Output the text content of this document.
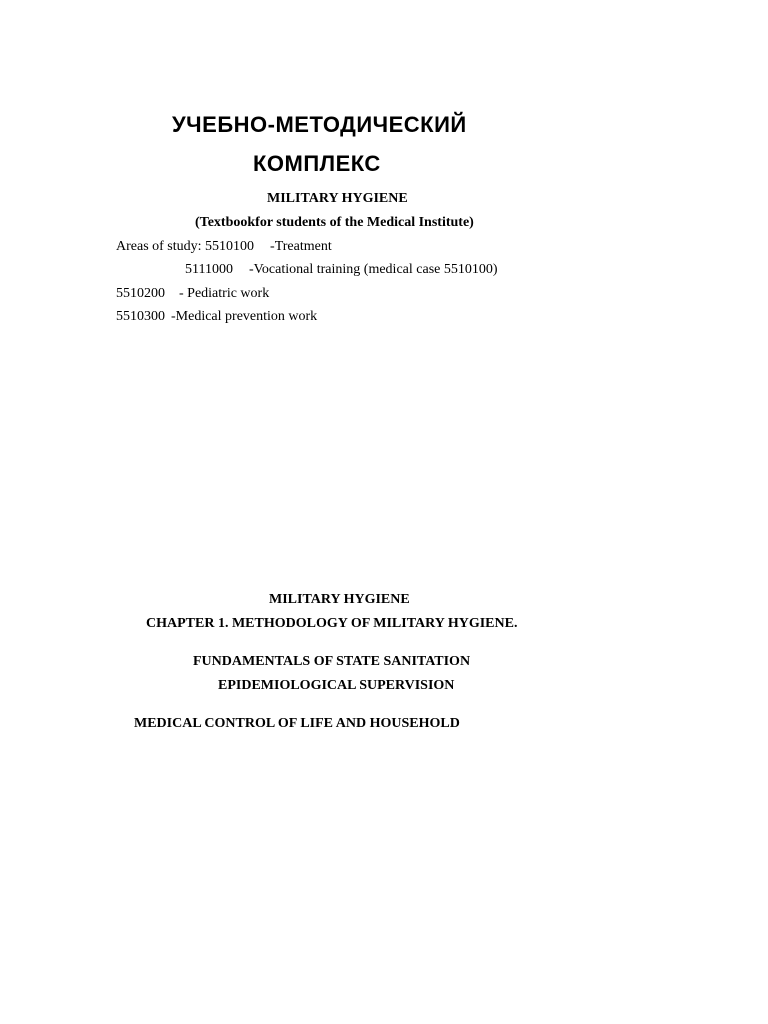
УЧЕБНО-МЕТОДИЧЕСКИЙ
КОМПЛЕКС
MILITARY HYGIENE
(Textbookfor students of the Medical Institute)
Areas of study: 5510100 -Treatment
5111000 -Vocational training (medical case 5510100)
5510200 - Pediatric work
5510300 -Medical prevention work
MILITARY HYGIENE
CHAPTER 1. METHODOLOGY OF MILITARY HYGIENE.
FUNDAMENTALS OF STATE SANITATION
EPIDEMIOLOGICAL SUPERVISION
MEDICAL CONTROL OF LIFE AND HOUSEHOLD
